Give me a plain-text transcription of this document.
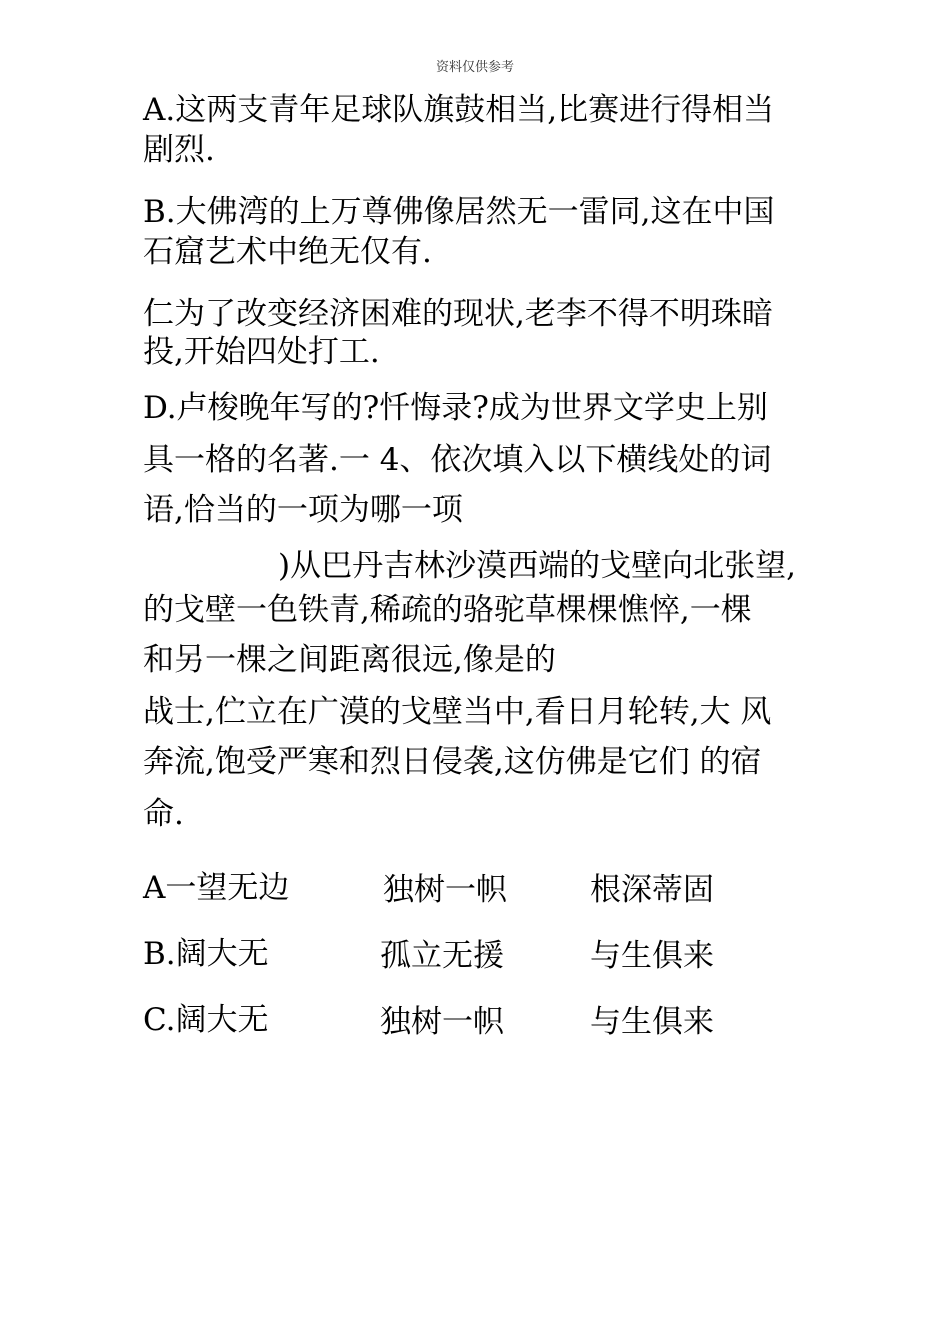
资料仅供参考
A.这两支青年足球队旗鼓相当,比赛进行得相当
剧烈.
B.大佛湾的上万尊佛像居然无一雷同,这在中国
石窟艺术中绝无仅有.
仁为了改变经济困难的现状,老李不得不明珠暗
投,开始四处打工.
D.卢梭晚年写的?忏悔录?成为世界文学史上别
具一格的名著.一 4、依次填入以下横线处的词
语,恰当的一项为哪一项
)从巴丹吉林沙漠西端的戈壁向北张望,
的戈壁一色铁青,稀疏的骆驼草棵棵憔悴,一棵
和另一棵之间距离很远,像是的
战士,伫立在广漠的戈壁当中,看日月轮转,大 风
奔流,饱受严寒和烈日侵袭,这仿佛是它们 的宿
命.
A一望无边	独树一帜	根深蒂固
B.阔大无	孤立无援	与生俱来
C.阔大无	独树一帜	与生俱来
